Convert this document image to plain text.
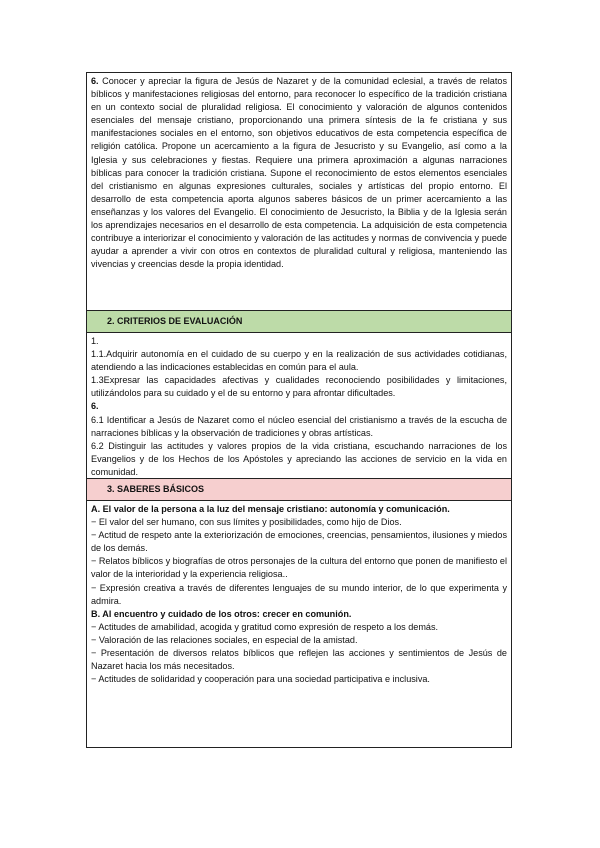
6. Conocer y apreciar la figura de Jesús de Nazaret y de la comunidad eclesial, a través de relatos bíblicos y manifestaciones religiosas del entorno, para reconocer lo específico de la tradición cristiana en un contexto social de pluralidad religiosa. El conocimiento y valoración de algunos contenidos esenciales del mensaje cristiano, proporcionando una primera síntesis de la fe cristiana y sus manifestaciones sociales en el entorno, son objetivos educativos de esta competencia específica de religión católica. Propone un acercamiento a la figura de Jesucristo y su Evangelio, así como a la Iglesia y sus celebraciones y fiestas. Requiere una primera aproximación a algunas narraciones bíblicas para conocer la tradición cristiana. Supone el reconocimiento de estos elementos esenciales del cristianismo en algunas expresiones culturales, sociales y artísticas del propio entorno. El desarrollo de esta competencia aporta algunos saberes básicos de un primer acercamiento a las enseñanzas y los valores del Evangelio. El conocimiento de Jesucristo, la Biblia y de la Iglesia serán los aprendizajes necesarios en el desarrollo de esta competencia. La adquisición de esta competencia contribuye a interiorizar el conocimiento y valoración de las actitudes y normas de convivencia y puede ayudar a aprender a vivir con otros en contextos de pluralidad cultural y religiosa, manteniendo las vivencias y creencias desde la propia identidad.

2. CRITERIOS DE EVALUACIÓN

1.

1.1.Adquirir autonomía en el cuidado de su cuerpo y en la realización de sus actividades cotidianas, atendiendo a las indicaciones establecidas en común para el aula.

1.3Expresar las capacidades afectivas y cualidades reconociendo posibilidades y limitaciones, utilizándolos para su cuidado y el de su entorno y para afrontar dificultades.

6.

6.1 Identificar a Jesús de Nazaret como el núcleo esencial del cristianismo a través de la escucha de narraciones bíblicas y la observación de tradiciones y obras artísticas.

6.2 Distinguir las actitudes y valores propios de la vida cristiana, escuchando narraciones de los Evangelios y de los Hechos de los Apóstoles y apreciando las acciones de servicio en la vida en comunidad.

3. SABERES BÁSICOS

A. El valor de la persona a la luz del mensaje cristiano: autonomía y comunicación.

− El valor del ser humano, con sus límites y posibilidades, como hijo de Dios.

− Actitud de respeto ante la exteriorización de emociones, creencias, pensamientos, ilusiones y miedos de los demás.

− Relatos bíblicos y biografías de otros personajes de la cultura del entorno que ponen de manifiesto el valor de la interioridad y la experiencia religiosa..

− Expresión creativa a través de diferentes lenguajes de su mundo interior, de lo que experimenta y admira.

B. Al encuentro y cuidado de los otros: crecer en comunión.

− Actitudes de amabilidad, acogida y gratitud como expresión de respeto a los demás.

− Valoración de las relaciones sociales, en especial de la amistad.

− Presentación de diversos relatos bíblicos que reflejen las acciones y sentimientos de Jesús de Nazaret hacia los más necesitados.

− Actitudes de solidaridad y cooperación para una sociedad participativa e inclusiva.
